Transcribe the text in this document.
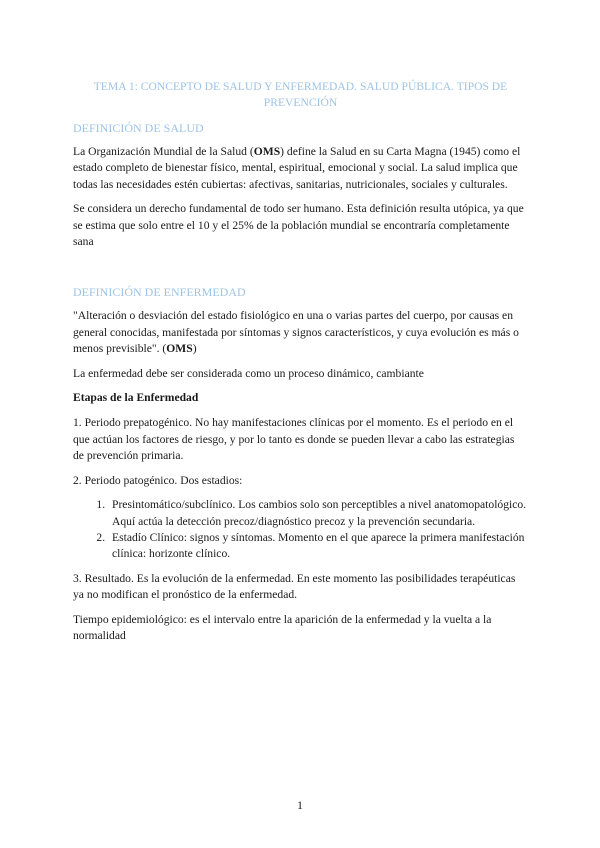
TEMA 1: CONCEPTO DE SALUD Y ENFERMEDAD. SALUD PÚBLICA. TIPOS DE PREVENCIÓN
DEFINICIÓN DE SALUD

La Organización Mundial de la Salud (OMS) define la Salud en su Carta Magna (1945) como el estado completo de bienestar físico, mental, espiritual, emocional y social. La salud implica que todas las necesidades estén cubiertas: afectivas, sanitarias, nutricionales, sociales y culturales.

Se considera un derecho fundamental de todo ser humano. Esta definición resulta utópica, ya que se estima que solo entre el 10 y el 25% de la población mundial se encontraría completamente sana

DEFINICIÓN DE ENFERMEDAD

"Alteración o desviación del estado fisiológico en una o varias partes del cuerpo, por causas en general conocidas, manifestada por síntomas y signos característicos, y cuya evolución es más o menos previsible". (OMS)

La enfermedad debe ser considerada como un proceso dinámico, cambiante

Etapas de la Enfermedad

1. Periodo prepatogénico. No hay manifestaciones clínicas por el momento. Es el periodo en el que actúan los factores de riesgo, y por lo tanto es donde se pueden llevar a cabo las estrategias de prevención primaria.

2. Periodo patogénico. Dos estadios:

1. Presintomático/subclínico. Los cambios solo son perceptibles a nivel anatomopatológico. Aquí actúa la detección precoz/diagnóstico precoz y la prevención secundaria.
2. Estadío Clínico: signos y síntomas. Momento en el que aparece la primera manifestación clínica: horizonte clínico.

3. Resultado. Es la evolución de la enfermedad. En este momento las posibilidades terapéuticas ya no modifican el pronóstico de la enfermedad.

Tiempo epidemiológico: es el intervalo entre la aparición de la enfermedad y la vuelta a la normalidad

1
